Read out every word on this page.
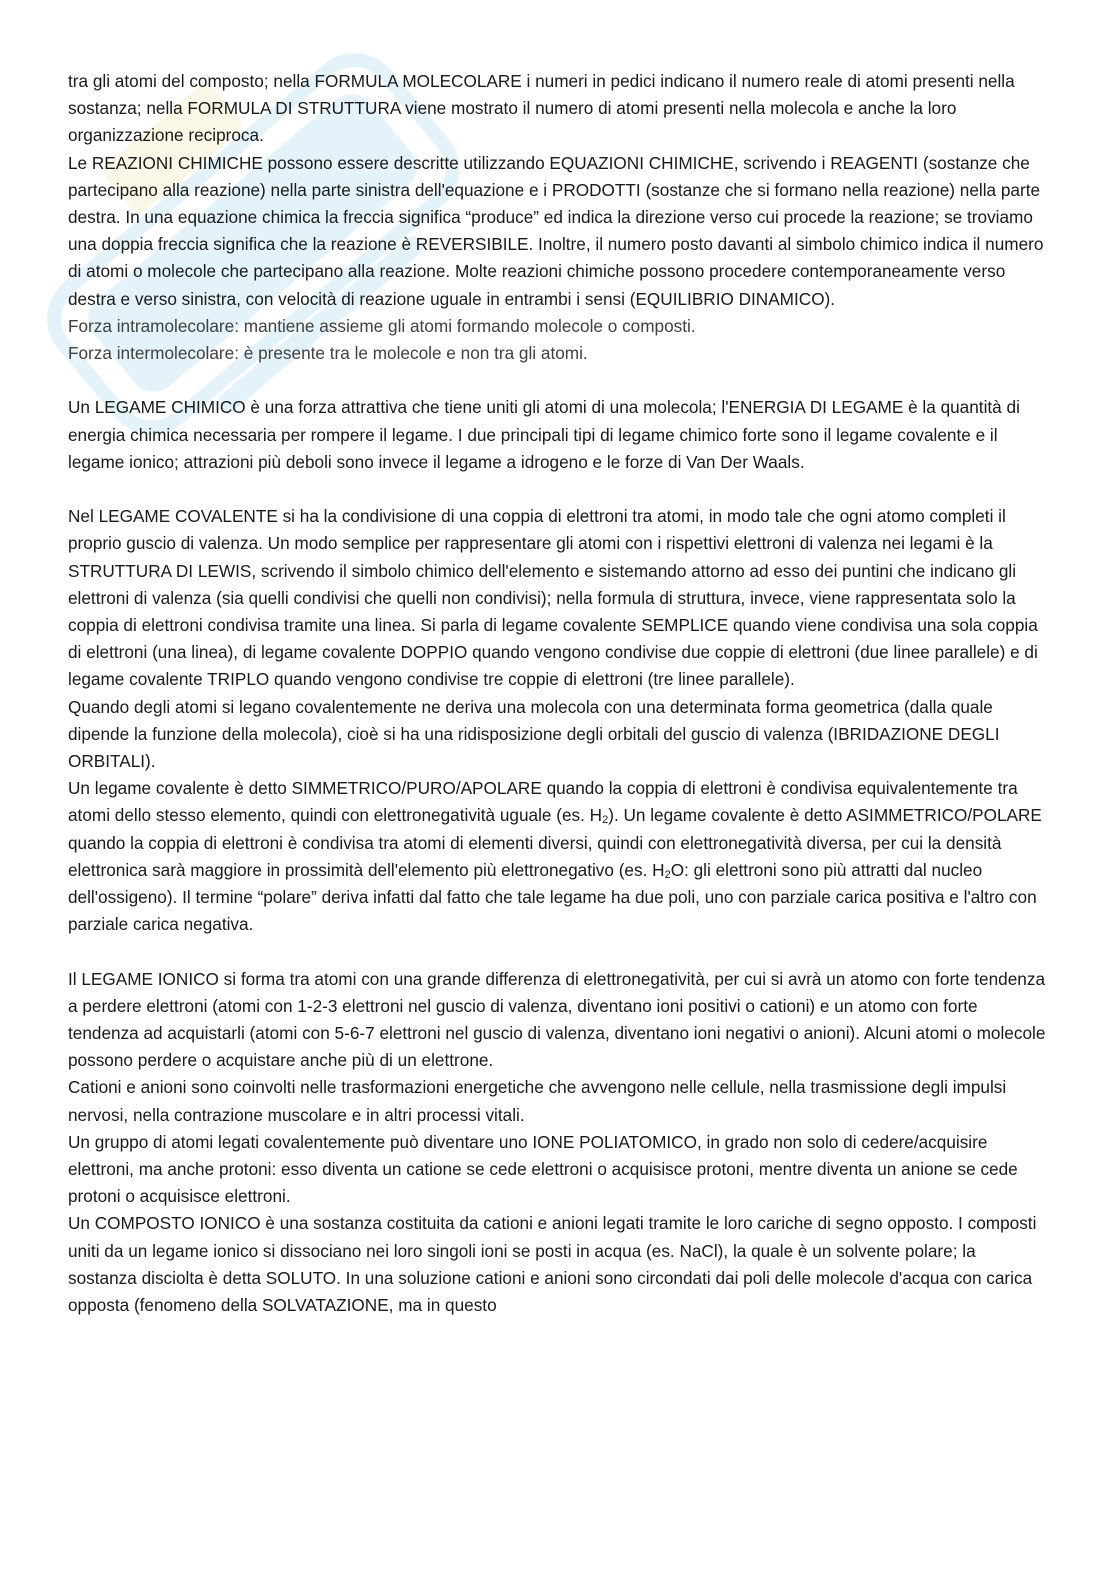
tra gli atomi del composto; nella FORMULA MOLECOLARE i numeri in pedici indicano il numero reale di atomi presenti nella sostanza; nella FORMULA DI STRUTTURA viene mostrato il numero di atomi presenti nella molecola e anche la loro organizzazione reciproca.

Le REAZIONI CHIMICHE possono essere descritte utilizzando EQUAZIONI CHIMICHE, scrivendo i REAGENTI (sostanze che partecipano alla reazione) nella parte sinistra dell'equazione e i PRODOTTI (sostanze che si formano nella reazione) nella parte destra. In una equazione chimica la freccia significa “produce” ed indica la direzione verso cui procede la reazione; se troviamo una doppia freccia significa che la reazione è REVERSIBILE. Inoltre, il numero posto davanti al simbolo chimico indica il numero di atomi o molecole che partecipano alla reazione. Molte reazioni chimiche possono procedere contemporaneamente verso destra e verso sinistra, con velocità di reazione uguale in entrambi i sensi (EQUILIBRIO DINAMICO).

Forza intramolecolare: mantiene assieme gli atomi formando molecole o composti.

Forza intermolecolare: è presente tra le molecole e non tra gli atomi.

Un LEGAME CHIMICO è una forza attrattiva che tiene uniti gli atomi di una molecola; l'ENERGIA DI LEGAME è la quantità di energia chimica necessaria per rompere il legame. I due principali tipi di legame chimico forte sono il legame covalente e il legame ionico; attrazioni più deboli sono invece il legame a idrogeno e le forze di Van Der Waals.

Nel LEGAME COVALENTE si ha la condivisione di una coppia di elettroni tra atomi, in modo tale che ogni atomo completi il proprio guscio di valenza. Un modo semplice per rappresentare gli atomi con i rispettivi elettroni di valenza nei legami è la STRUTTURA DI LEWIS, scrivendo il simbolo chimico dell'elemento e sistemando attorno ad esso dei puntini che indicano gli elettroni di valenza (sia quelli condivisi che quelli non condivisi); nella formula di struttura, invece, viene rappresentata solo la coppia di elettroni condivisa tramite una linea. Si parla di legame covalente SEMPLICE quando viene condivisa una sola coppia di elettroni (una linea), di legame covalente DOPPIO quando vengono condivise due coppie di elettroni (due linee parallele) e di legame covalente TRIPLO quando vengono condivise tre coppie di elettroni (tre linee parallele).

Quando degli atomi si legano covalentemente ne deriva una molecola con una determinata forma geometrica (dalla quale dipende la funzione della molecola), cioè si ha una ridisposizione degli orbitali del guscio di valenza (IBRIDAZIONE DEGLI ORBITALI).

Un legame covalente è detto SIMMETRICO/PURO/APOLARE quando la coppia di elettroni è condivisa equivalentemente tra atomi dello stesso elemento, quindi con elettronegatività uguale (es. $H_2$). Un legame covalente è detto ASIMMETRICO/POLARE quando la coppia di elettroni è condivisa tra atomi di elementi diversi, quindi con elettronegatività diversa, per cui la densità elettronica sarà maggiore in prossimità dell'elemento più elettronegativo (es. $H_2O$: gli elettroni sono più attratti dal nucleo dell'ossigeno). Il termine “polare” deriva infatti dal fatto che tale legame ha due poli, uno con parziale carica positiva e l'altro con parziale carica negativa.

Il LEGAME IONICO si forma tra atomi con una grande differenza di elettronegatività, per cui si avrà un atomo con forte tendenza a perdere elettroni (atomi con 1-2-3 elettroni nel guscio di valenza, diventano ioni positivi o cationi) e un atomo con forte tendenza ad acquistarli (atomi con 5-6-7 elettroni nel guscio di valenza, diventano ioni negativi o anioni). Alcuni atomi o molecole possono perdere o acquistare anche più di un elettrone.

Cationi e anioni sono coinvolti nelle trasformazioni energetiche che avvengono nelle cellule, nella trasmissione degli impulsi nervosi, nella contrazione muscolare e in altri processi vitali.

Un gruppo di atomi legati covalentemente può diventare uno IONE POLIATOMICO, in grado non solo di cedere/acquisire elettroni, ma anche protoni: esso diventa un catione se cede elettroni o acquisisce protoni, mentre diventa un anione se cede protoni o acquisisce elettroni.

Un COMPOSTO IONICO è una sostanza costituita da cationi e anioni legati tramite le loro cariche di segno opposto. I composti uniti da un legame ionico si dissociano nei loro singoli ioni se posti in acqua (es. NaCl), la quale è un solvente polare; la sostanza disciolta è detta SOLUTO. In una soluzione cationi e anioni sono circondati dai poli delle molecole d'acqua con carica opposta (fenomeno della SOLVATAZIONE, ma in questo
